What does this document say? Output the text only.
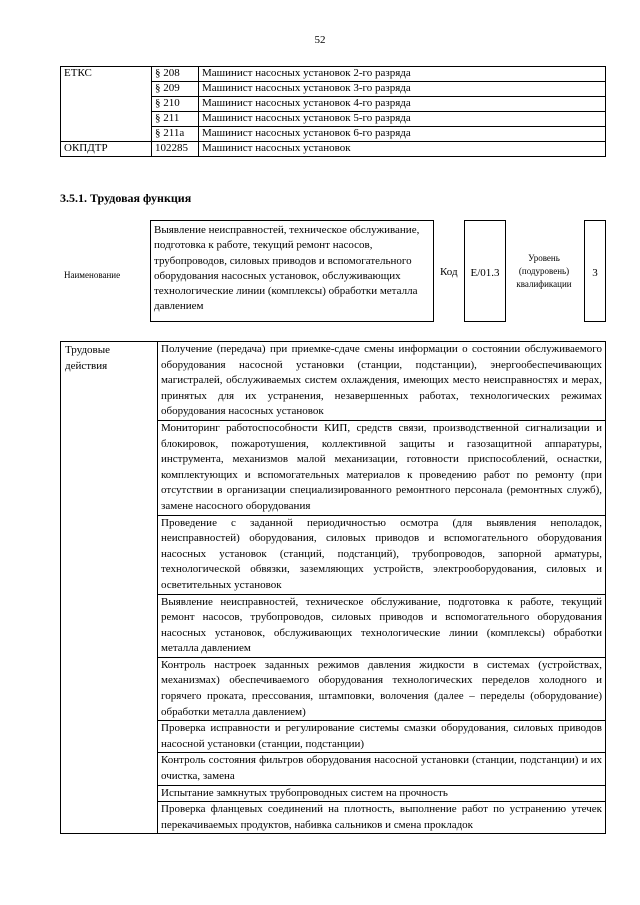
52
ЕТКС	§ 208	Машинист насосных установок 2-го разряда
	§ 209	Машинист насосных установок 3-го разряда
	§ 210	Машинист насосных установок 4-го разряда
	§ 211	Машинист насосных установок 5-го разряда
	§ 211а	Машинист насосных установок 6-го разряда
ОКПДТР	102285	Машинист насосных установок
3.5.1. Трудовая функция
Наименование
Выявление неисправностей, техническое обслуживание, подготовка к работе, текущий ремонт насосов, трубопроводов, силовых приводов и вспомогательного оборудования насосных установок, обслуживающих технологические линии (комплексы) обработки металла давлением
Код	E/01.3
Уровень (подуровень) квалификации
3
Трудовые действия	Получение (передача) при приемке-сдаче смены информации о состоянии обслуживаемого оборудования насосной установки (станции, подстанции), энергообеспечивающих магистралей, обслуживаемых систем охлаждения, имеющих место неисправностях и мерах, принятых для их устранения, незавершенных работах, технологических режимах оборудования насосных установок
Мониторинг работоспособности КИП, средств связи, производственной сигнализации и блокировок, пожаротушения, коллективной защиты и газозащитной аппаратуры, инструмента, механизмов малой механизации, готовности приспособлений, оснастки, комплектующих и вспомогательных материалов к проведению работ по ремонту (при отсутствии в организации специализированного ремонтного персонала (ремонтных служб), замене насосного оборудования
Проведение с заданной периодичностью осмотра (для выявления неполадок, неисправностей) оборудования, силовых приводов и вспомогательного оборудования насосных установок (станций, подстанций), трубопроводов, запорной арматуры, технологической обвязки, заземляющих устройств, электрооборудования, силовых и осветительных установок
Выявление неисправностей, техническое обслуживание, подготовка к работе, текущий ремонт насосов, трубопроводов, силовых приводов и вспомогательного оборудования насосных установок, обслуживающих технологические линии (комплексы) обработки металла давлением
Контроль настроек заданных режимов давления жидкости в системах (устройствах, механизмах) обеспечиваемого оборудования технологических переделов холодного и горячего проката, прессования, штамповки, волочения (далее – переделы (оборудование) обработки металла давлением)
Проверка исправности и регулирование системы смазки оборудования, силовых приводов насосной установки (станции, подстанции)
Контроль состояния фильтров оборудования насосной установки (станции, подстанции) и их очистка, замена
Испытание замкнутых трубопроводных систем на прочность
Проверка фланцевых соединений на плотность, выполнение работ по устранению утечек перекачиваемых продуктов, набивка сальников и смена прокладок
